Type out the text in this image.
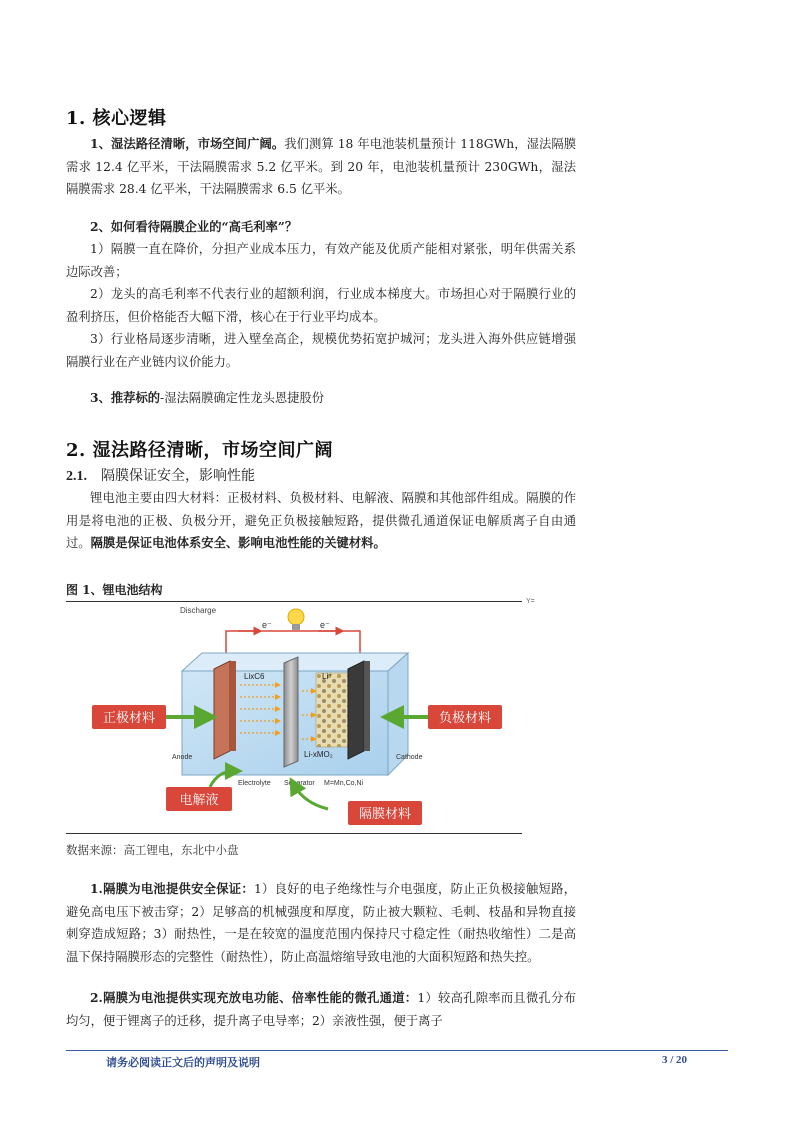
1. 核心逻辑
1、湿法路径清晰，市场空间广阔。我们测算 18 年电池装机量预计 118GWh，湿法隔膜需求 12.4 亿平米，干法隔膜需求 5.2 亿平米。到 20 年，电池装机量预计 230GWh，湿法隔膜需求 28.4 亿平米，干法隔膜需求 6.5 亿平米。
2、如何看待隔膜企业的“高毛利率”？
1）隔膜一直在降价，分担产业成本压力，有效产能及优质产能相对紧张，明年供需关系边际改善；
2）龙头的高毛利率不代表行业的超额利润，行业成本梯度大。市场担心对于隔膜行业的盈利挤压，但价格能否大幅下滑，核心在于行业平均成本。
3）行业格局逐步清晰，进入壁垒高企，规模优势拓宽护城河；龙头进入海外供应链增强隔膜行业在产业链内议价能力。
3、推荐标的-湿法隔膜确定性龙头恩捷股份
2. 湿法路径清晰，市场空间广阔
2.1. 隔膜保证安全，影响性能
锂电池主要由四大材料：正极材料、负极材料、电解液、隔膜和其他部件组成。隔膜的作用是将电池的正极、负极分开，避免正负极接触短路，提供微孔通道保证电解质离子自由通过。隔膜是保证电池体系安全、影响电池性能的关键材料。
图 1、锂电池结构
Y=
Discharge
e⁻	e⁻
LixC6	Li⁺
Anode	Cathode
Li-xMO₂
Electrolyte Separator M=Mn,Co,Ni
正极材料	负极材料
电解液
隔膜材料
数据来源：高工锂电，东北中小盘
1.隔膜为电池提供安全保证：1）良好的电子绝缘性与介电强度，防止正负极接触短路，避免高电压下被击穿；2）足够高的机械强度和厚度，防止被大颗粒、毛刺、枝晶和异物直接刺穿造成短路；3）耐热性，一是在较宽的温度范围内保持尺寸稳定性（耐热收缩性）二是高温下保持隔膜形态的完整性（耐热性），防止高温熔缩导致电池的大面积短路和热失控。
2.隔膜为电池提供实现充放电功能、倍率性能的微孔通道：1）较高孔隙率而且微孔分布均匀，便于锂离子的迁移，提升离子电导率；2）亲液性强，便于离子
请务必阅读正文后的声明及说明	3 / 20
